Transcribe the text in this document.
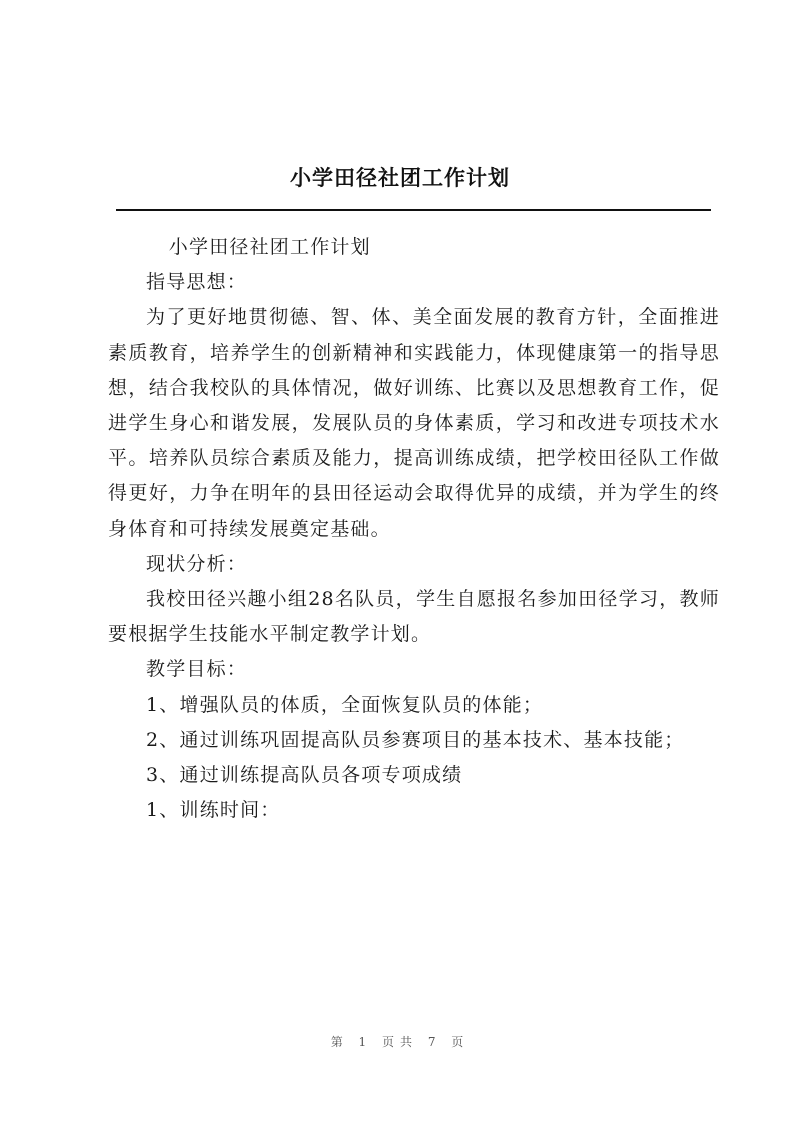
小学田径社团工作计划

小学田径社团工作计划

指导思想：

为了更好地贯彻德、智、体、美全面发展的教育方针，全面推进素质教育，培养学生的创新精神和实践能力，体现健康第一的指导思想，结合我校队的具体情况，做好训练、比赛以及思想教育工作，促进学生身心和谐发展，发展队员的身体素质，学习和改进专项技术水平。培养队员综合素质及能力，提高训练成绩，把学校田径队工作做得更好，力争在明年的县田径运动会取得优异的成绩，并为学生的终身体育和可持续发展奠定基础。

现状分析：

我校田径兴趣小组28名队员，学生自愿报名参加田径学习，教师要根据学生技能水平制定教学计划。

教学目标：

1、增强队员的体质，全面恢复队员的体能；

2、通过训练巩固提高队员参赛项目的基本技术、基本技能；

3、通过训练提高队员各项专项成绩

1、训练时间：

第 1 页共 7 页
